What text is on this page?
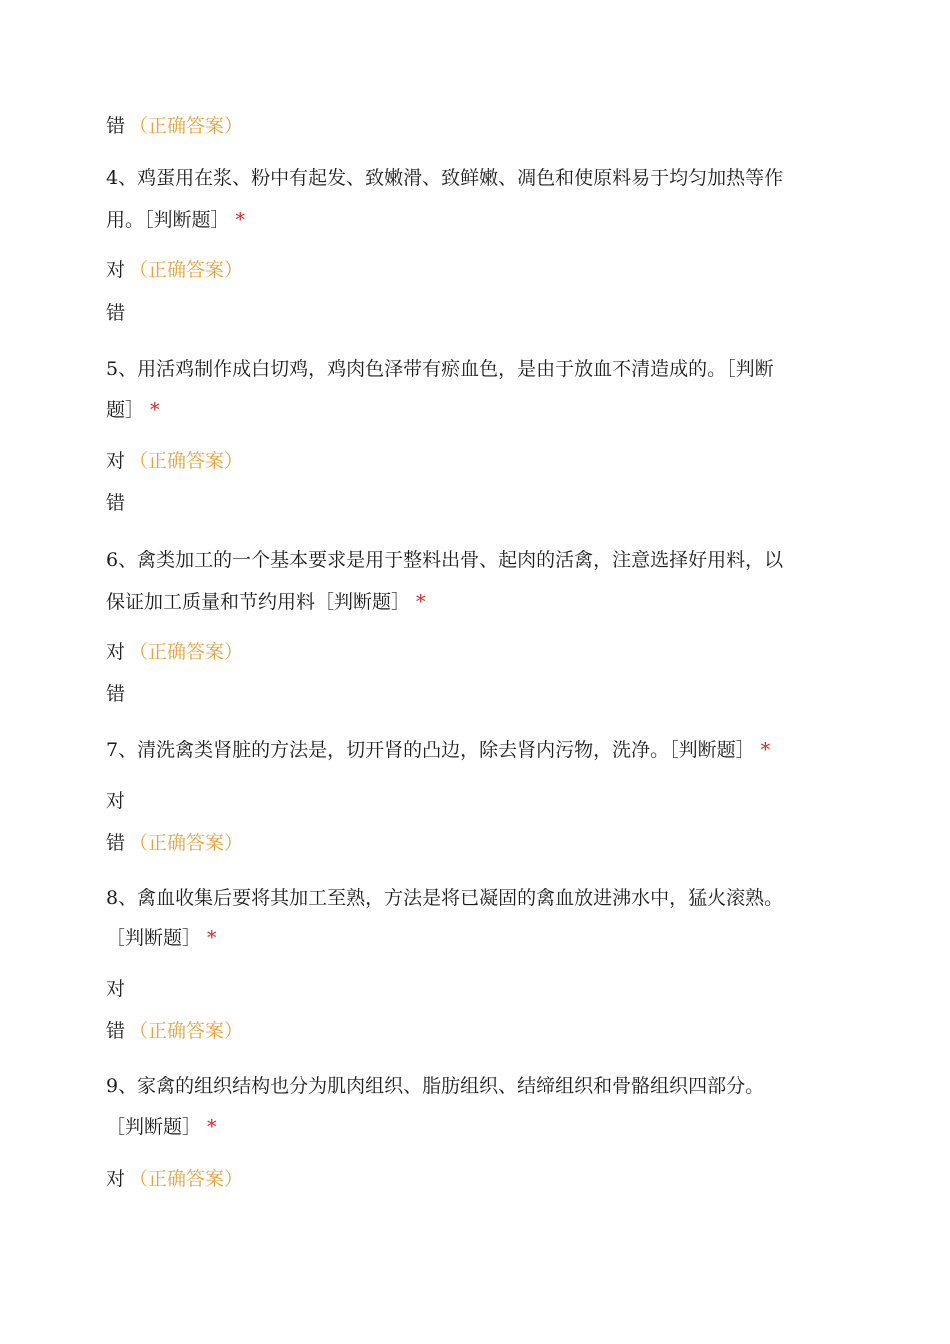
错 （正确答案）
4、鸡蛋用在浆、粉中有起发、致嫩滑、致鲜嫩、凋色和使原料易于均匀加热等作
用。［判断题］ *
对 （正确答案）
错
5、用活鸡制作成白切鸡，鸡肉色泽带有瘀血色，是由于放血不清造成的。［判断
题］ *
对 （正确答案）
错
6、禽类加工的一个基本要求是用于整料出骨、起肉的活禽，注意选择好用料，以
保证加工质量和节约用料［判断题］ *
对 （正确答案）
错
7、清洗禽类肾脏的方法是，切开肾的凸边，除去肾内污物，洗净。［判断题］ *
对
错 （正确答案）
8、禽血收集后要将其加工至熟，方法是将已凝固的禽血放进沸水中，猛火滚熟。
［判断题］ *
对
错 （正确答案）
9、家禽的组织结构也分为肌肉组织、脂肪组织、结缔组织和骨骼组织四部分。
［判断题］ *
对 （正确答案）
